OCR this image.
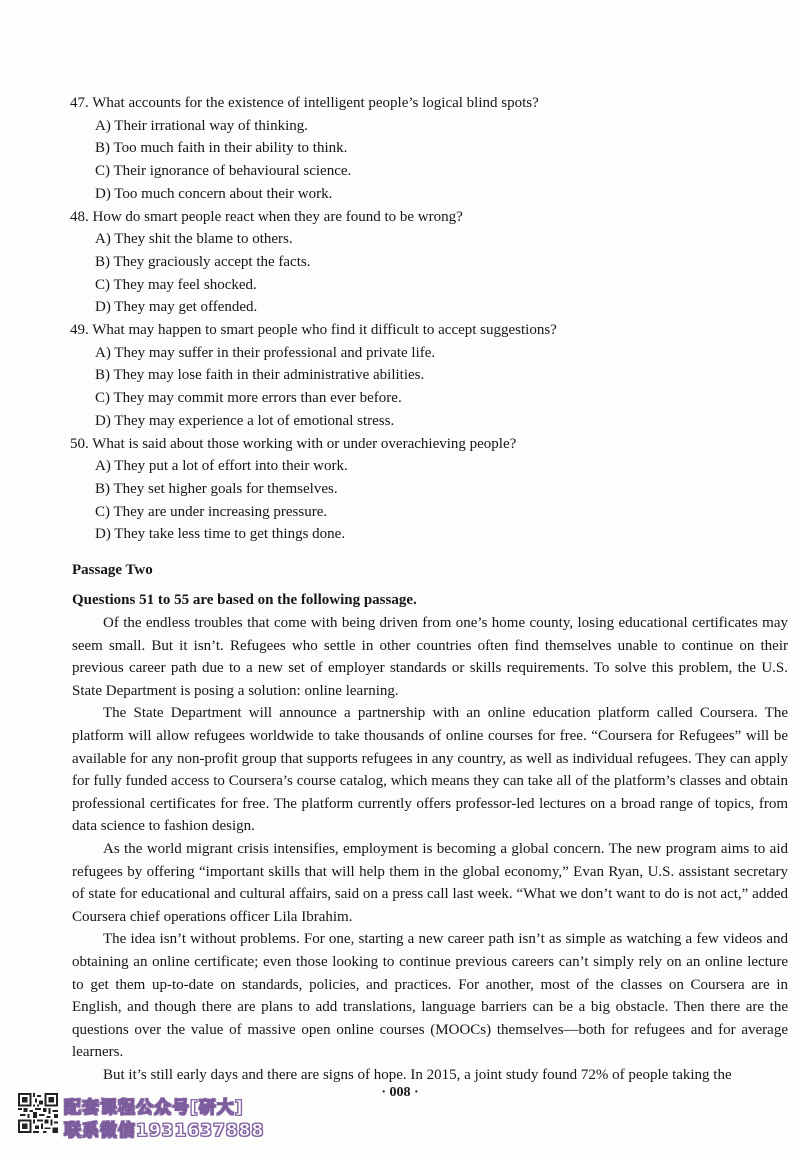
47. What accounts for the existence of intelligent people’s logical blind spots?
A) Their irrational way of thinking.
B) Too much faith in their ability to think.
C) Their ignorance of behavioural science.
D) Too much concern about their work.
48. How do smart people react when they are found to be wrong?
A) They shit the blame to others.
B) They graciously accept the facts.
C) They may feel shocked.
D) They may get offended.
49. What may happen to smart people who find it difficult to accept suggestions?
A) They may suffer in their professional and private life.
B) They may lose faith in their administrative abilities.
C) They may commit more errors than ever before.
D) They may experience a lot of emotional stress.
50. What is said about those working with or under overachieving people?
A) They put a lot of effort into their work.
B) They set higher goals for themselves.
C) They are under increasing pressure.
D) They take less time to get things done.

Passage Two

Questions 51 to 55 are based on the following passage.

Of the endless troubles that come with being driven from one’s home county, losing educational certificates may seem small. But it isn’t. Refugees who settle in other countries often find themselves unable to continue on their previous career path due to a new set of employer standards or skills requirements. To solve this problem, the U.S. State Department is posing a solution: online learning.

The State Department will announce a partnership with an online education platform called Coursera. The platform will allow refugees worldwide to take thousands of online courses for free. “Coursera for Refugees” will be available for any non-profit group that supports refugees in any country, as well as individual refugees. They can apply for fully funded access to Coursera’s course catalog, which means they can take all of the platform’s classes and obtain professional certificates for free. The platform currently offers professor-led lectures on a broad range of topics, from data science to fashion design.

As the world migrant crisis intensifies, employment is becoming a global concern. The new program aims to aid refugees by offering “important skills that will help them in the global economy,” Evan Ryan, U.S. assistant secretary of state for educational and cultural affairs, said on a press call last week. “What we don’t want to do is not act,” added Coursera chief operations officer Lila Ibrahim.

The idea isn’t without problems. For one, starting a new career path isn’t as simple as watching a few videos and obtaining an online certificate; even those looking to continue previous careers can’t simply rely on an online lecture to get them up-to-date on standards, policies, and practices. For another, most of the classes on Coursera are in English, and though there are plans to add translations, language barriers can be a big obstacle. Then there are the questions over the value of massive open online courses (MOOCs) themselves—both for refugees and for average learners.

But it’s still early days and there are signs of hope. In 2015, a joint study found 72% of people taking the

· 008 ·
配套课程公众号[研大]
联系微信1931637888
